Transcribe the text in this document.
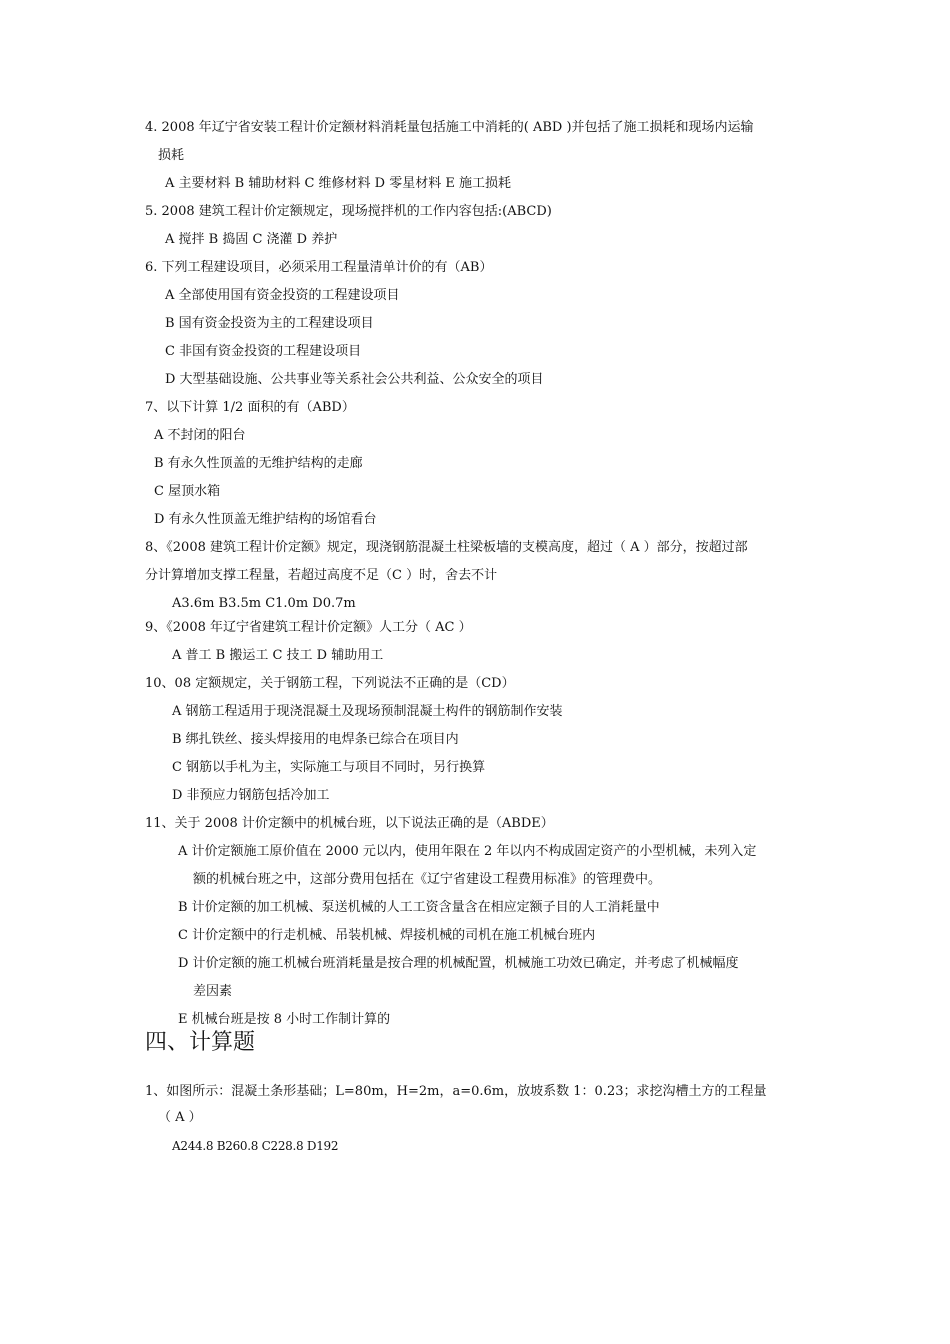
4. 2008 年辽宁省安装工程计价定额材料消耗量包括施工中消耗的( ABD )并包括了施工损耗和现场内运输
损耗
A 主要材料 B 辅助材料 C 维修材料 D 零星材料 E 施工损耗
5. 2008 建筑工程计价定额规定，现场搅拌机的工作内容包括:(ABCD)
A 搅拌 B 捣固 C 浇灌 D 养护
6. 下列工程建设项目，必须采用工程量清单计价的有（AB）
A 全部使用国有资金投资的工程建设项目
B 国有资金投资为主的工程建设项目
C 非国有资金投资的工程建设项目
D 大型基础设施、公共事业等关系社会公共利益、公众安全的项目
7、以下计算 1/2 面积的有（ABD）
A 不封闭的阳台
B 有永久性顶盖的无维护结构的走廊
C 屋顶水箱
D 有永久性顶盖无维护结构的场馆看台
8、《2008 建筑工程计价定额》规定，现浇钢筋混凝土柱梁板墙的支模高度，超过（ A ）部分，按超过部
分计算增加支撑工程量，若超过高度不足（C ）时，舍去不计
A3.6m B3.5m C1.0m D0.7m
9、《2008 年辽宁省建筑工程计价定额》人工分（ AC ）
A 普工 B 搬运工 C 技工 D 辅助用工
10、08 定额规定，关于钢筋工程，下列说法不正确的是（CD）
A 钢筋工程适用于现浇混凝土及现场预制混凝土构件的钢筋制作安装
B 绑扎铁丝、接头焊接用的电焊条已综合在项目内
C 钢筋以手札为主，实际施工与项目不同时，另行换算
D 非预应力钢筋包括冷加工
11、关于 2008 计价定额中的机械台班，以下说法正确的是（ABDE）
A 计价定额施工原价值在 2000 元以内，使用年限在 2 年以内不构成固定资产的小型机械，未列入定
额的机械台班之中，这部分费用包括在《辽宁省建设工程费用标准》的管理费中。
B 计价定额的加工机械、泵送机械的人工工资含量含在相应定额子目的人工消耗量中
C 计价定额中的行走机械、吊装机械、焊接机械的司机在施工机械台班内
D 计价定额的施工机械台班消耗量是按合理的机械配置，机械施工功效已确定，并考虑了机械幅度
差因素
E 机械台班是按 8 小时工作制计算的
四、计算题
1、如图所示：混凝土条形基础；L=80m，H=2m，a=0.6m，放坡系数 1：0.23；求挖沟槽土方的工程量
（ A ）
A244.8 B260.8 C228.8 D192
